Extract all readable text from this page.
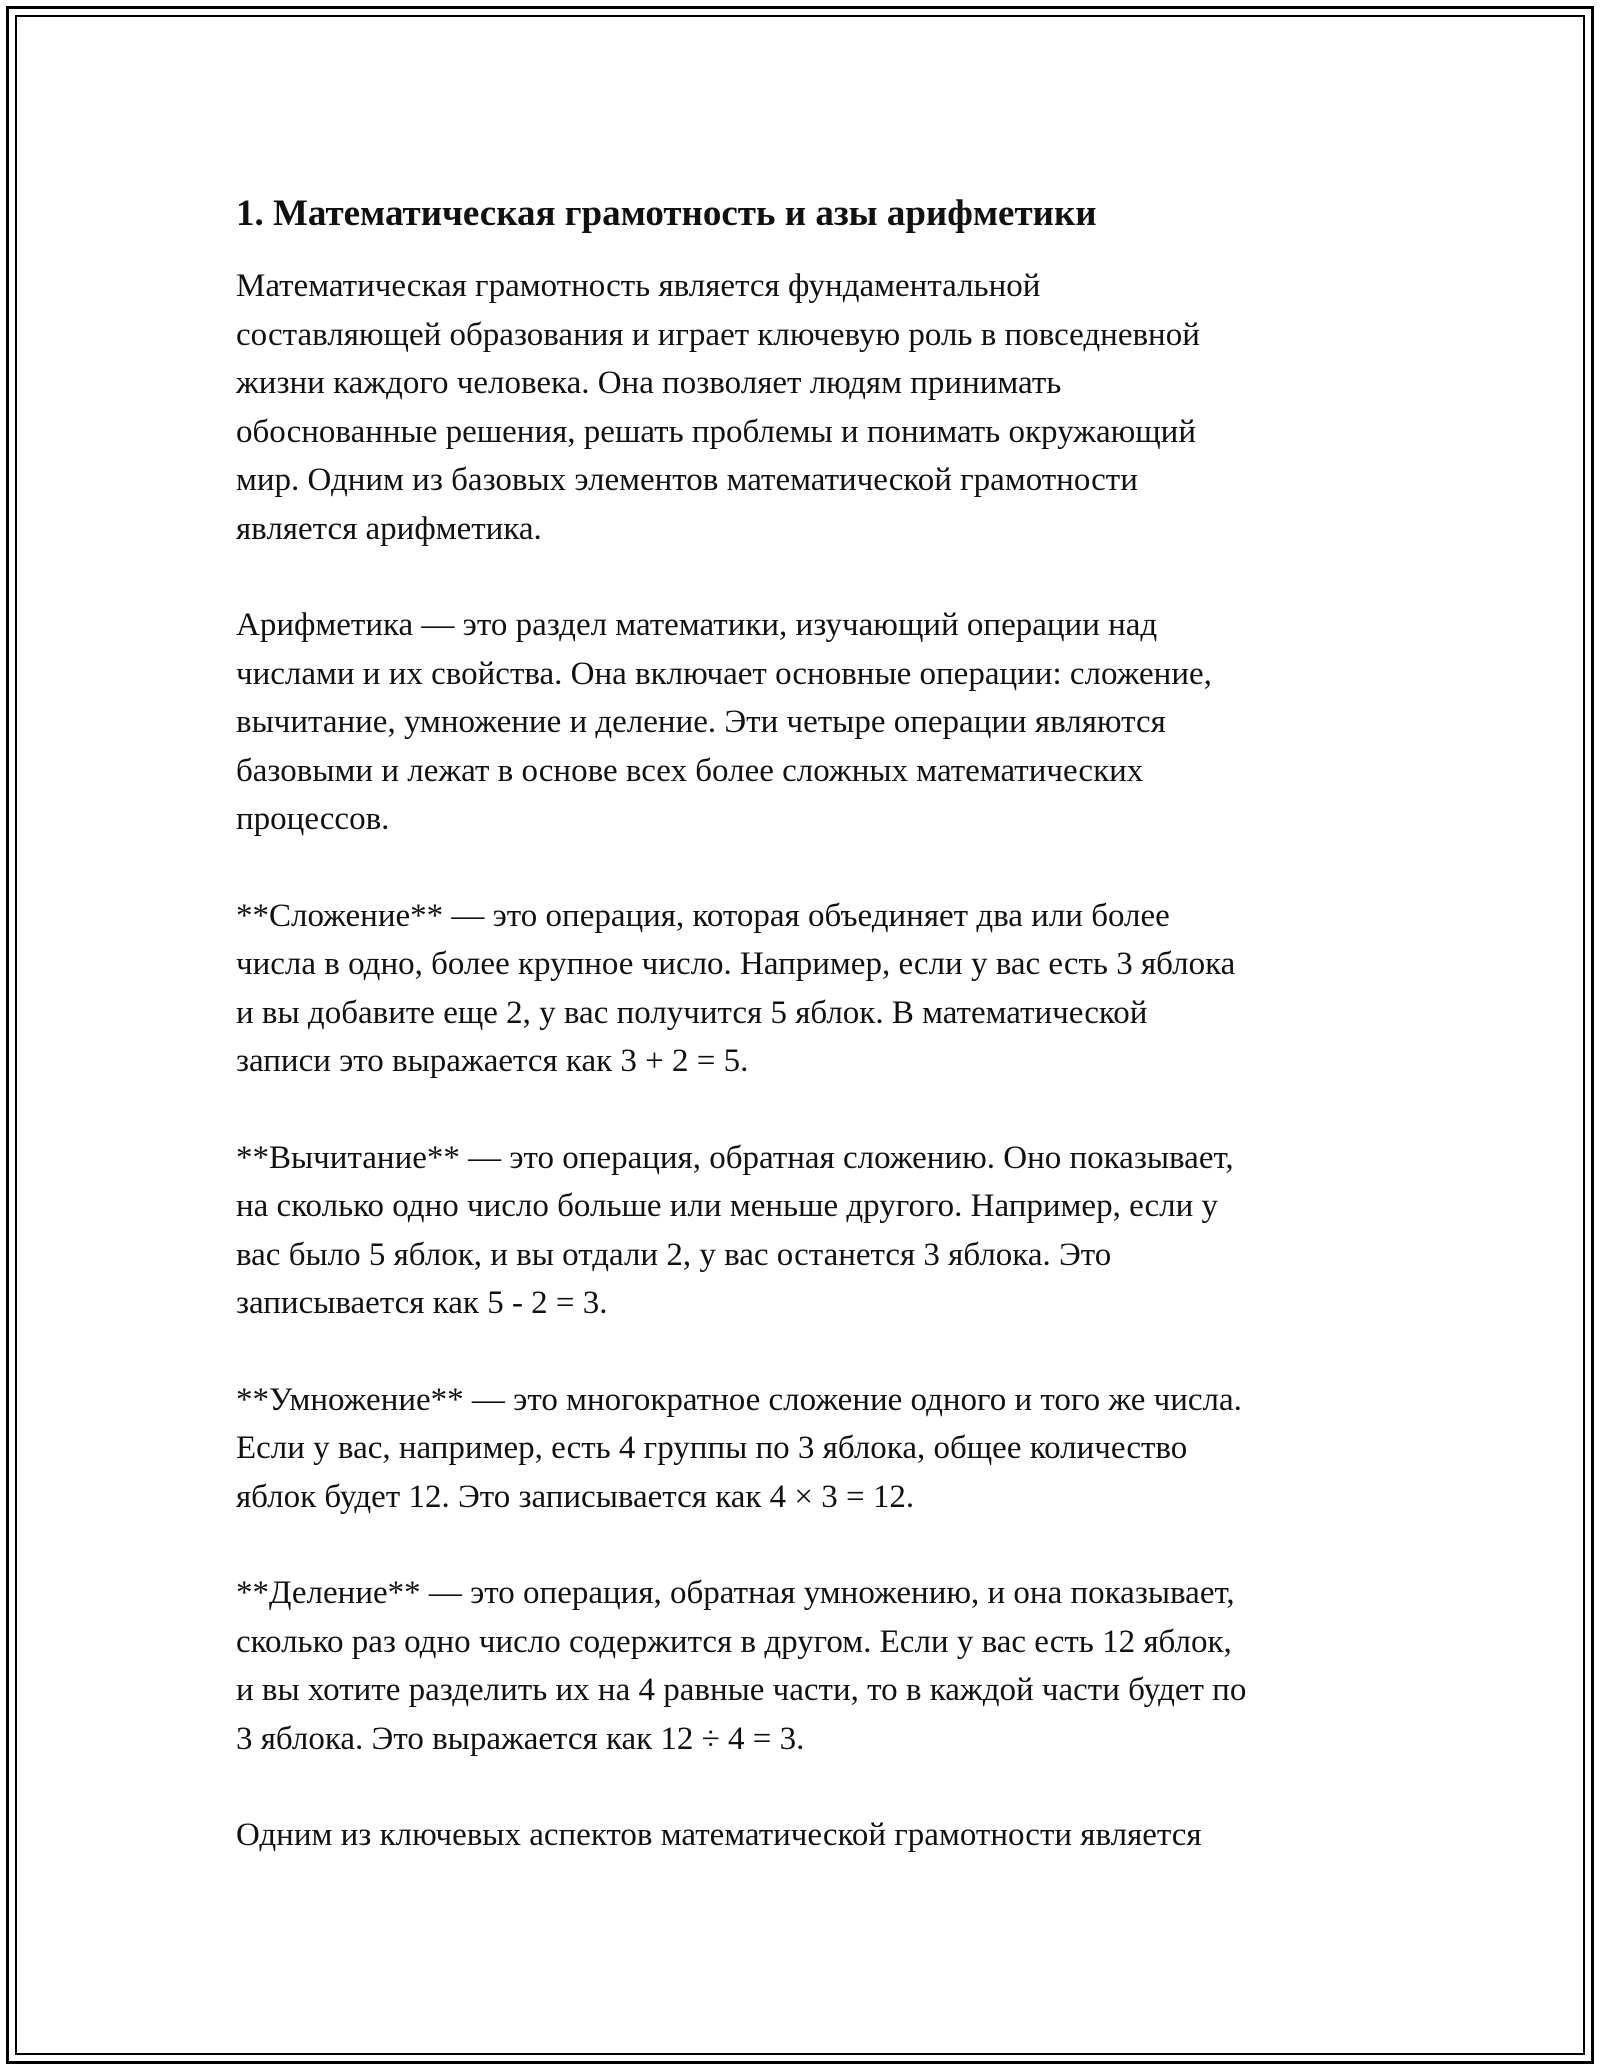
1. Математическая грамотность и азы арифметики

Математическая грамотность является фундаментальной
составляющей образования и играет ключевую роль в повседневной
жизни каждого человека. Она позволяет людям принимать
обоснованные решения, решать проблемы и понимать окружающий
мир. Одним из базовых элементов математической грамотности
является арифметика.

Арифметика — это раздел математики, изучающий операции над
числами и их свойства. Она включает основные операции: сложение,
вычитание, умножение и деление. Эти четыре операции являются
базовыми и лежат в основе всех более сложных математических
процессов.

**Сложение** — это операция, которая объединяет два или более
числа в одно, более крупное число. Например, если у вас есть 3 яблока
и вы добавите еще 2, у вас получится 5 яблок. В математической
записи это выражается как 3 + 2 = 5.

**Вычитание** — это операция, обратная сложению. Оно показывает,
на сколько одно число больше или меньше другого. Например, если у
вас было 5 яблок, и вы отдали 2, у вас останется 3 яблока. Это
записывается как 5 - 2 = 3.

**Умножение** — это многократное сложение одного и того же числа.
Если у вас, например, есть 4 группы по 3 яблока, общее количество
яблок будет 12. Это записывается как 4 × 3 = 12.

**Деление** — это операция, обратная умножению, и она показывает,
сколько раз одно число содержится в другом. Если у вас есть 12 яблок,
и вы хотите разделить их на 4 равные части, то в каждой части будет по
3 яблока. Это выражается как 12 ÷ 4 = 3.

Одним из ключевых аспектов математической грамотности является
